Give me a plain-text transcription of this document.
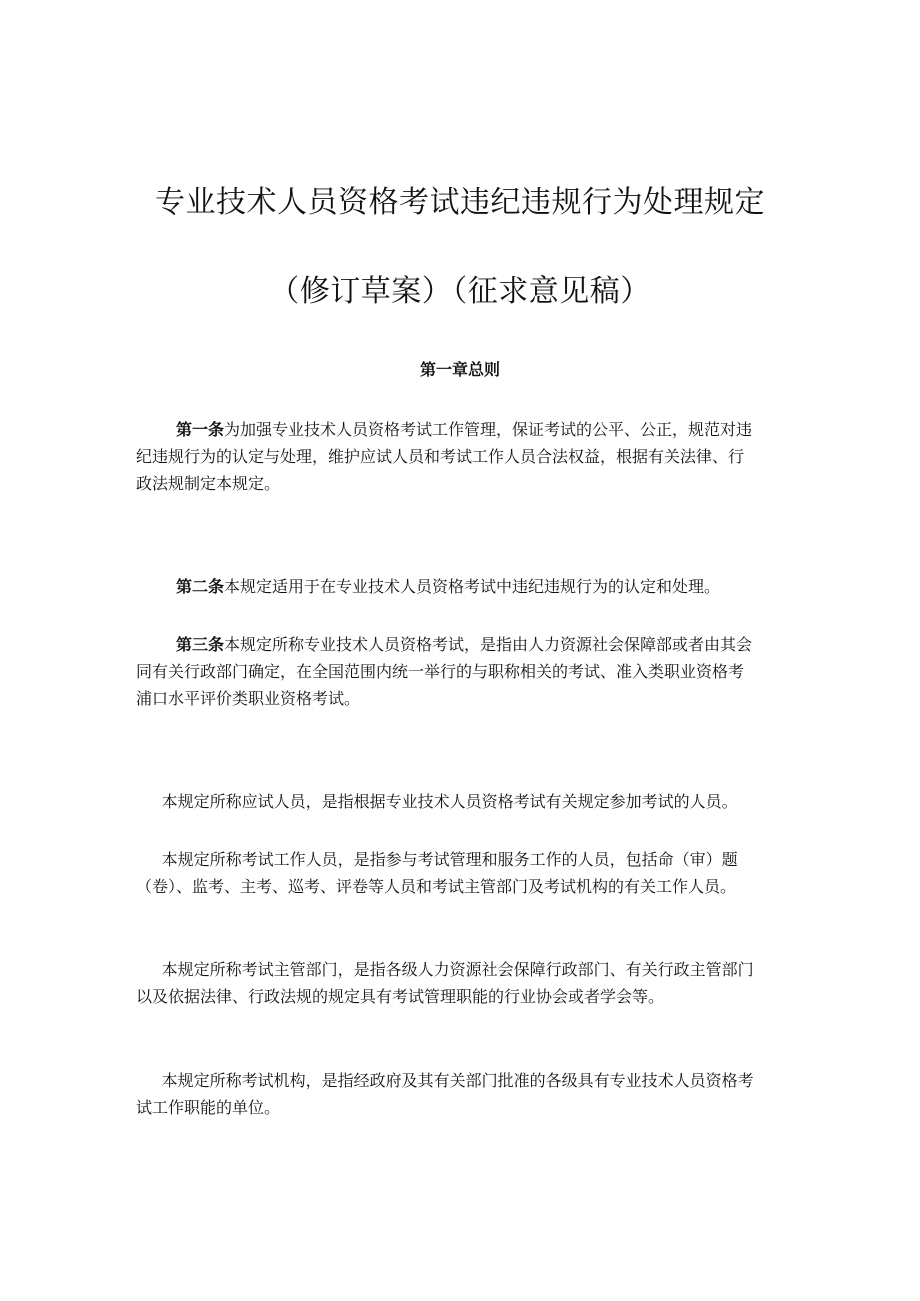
专业技术人员资格考试违纪违规行为处理规定
（修订草案）（征求意见稿）
第一章总则

第一条为加强专业技术人员资格考试工作管理，保证考试的公平、公正，规范对违
纪违规行为的认定与处理，维护应试人员和考试工作人员合法权益，根据有关法律、行
政法规制定本规定。

第二条本规定适用于在专业技术人员资格考试中违纪违规行为的认定和处理。

第三条本规定所称专业技术人员资格考试，是指由人力资源社会保障部或者由其会
同有关行政部门确定，在全国范围内统一举行的与职称相关的考试、准入类职业资格考
浦口水平评价类职业资格考试。

本规定所称应试人员，是指根据专业技术人员资格考试有关规定参加考试的人员。

本规定所称考试工作人员，是指参与考试管理和服务工作的人员，包括命（审）题
（卷）、监考、主考、巡考、评卷等人员和考试主管部门及考试机构的有关工作人员。

本规定所称考试主管部门，是指各级人力资源社会保障行政部门、有关行政主管部门
以及依据法律、行政法规的规定具有考试管理职能的行业协会或者学会等。

本规定所称考试机构，是指经政府及其有关部门批准的各级具有专业技术人员资格考
试工作职能的单位。
